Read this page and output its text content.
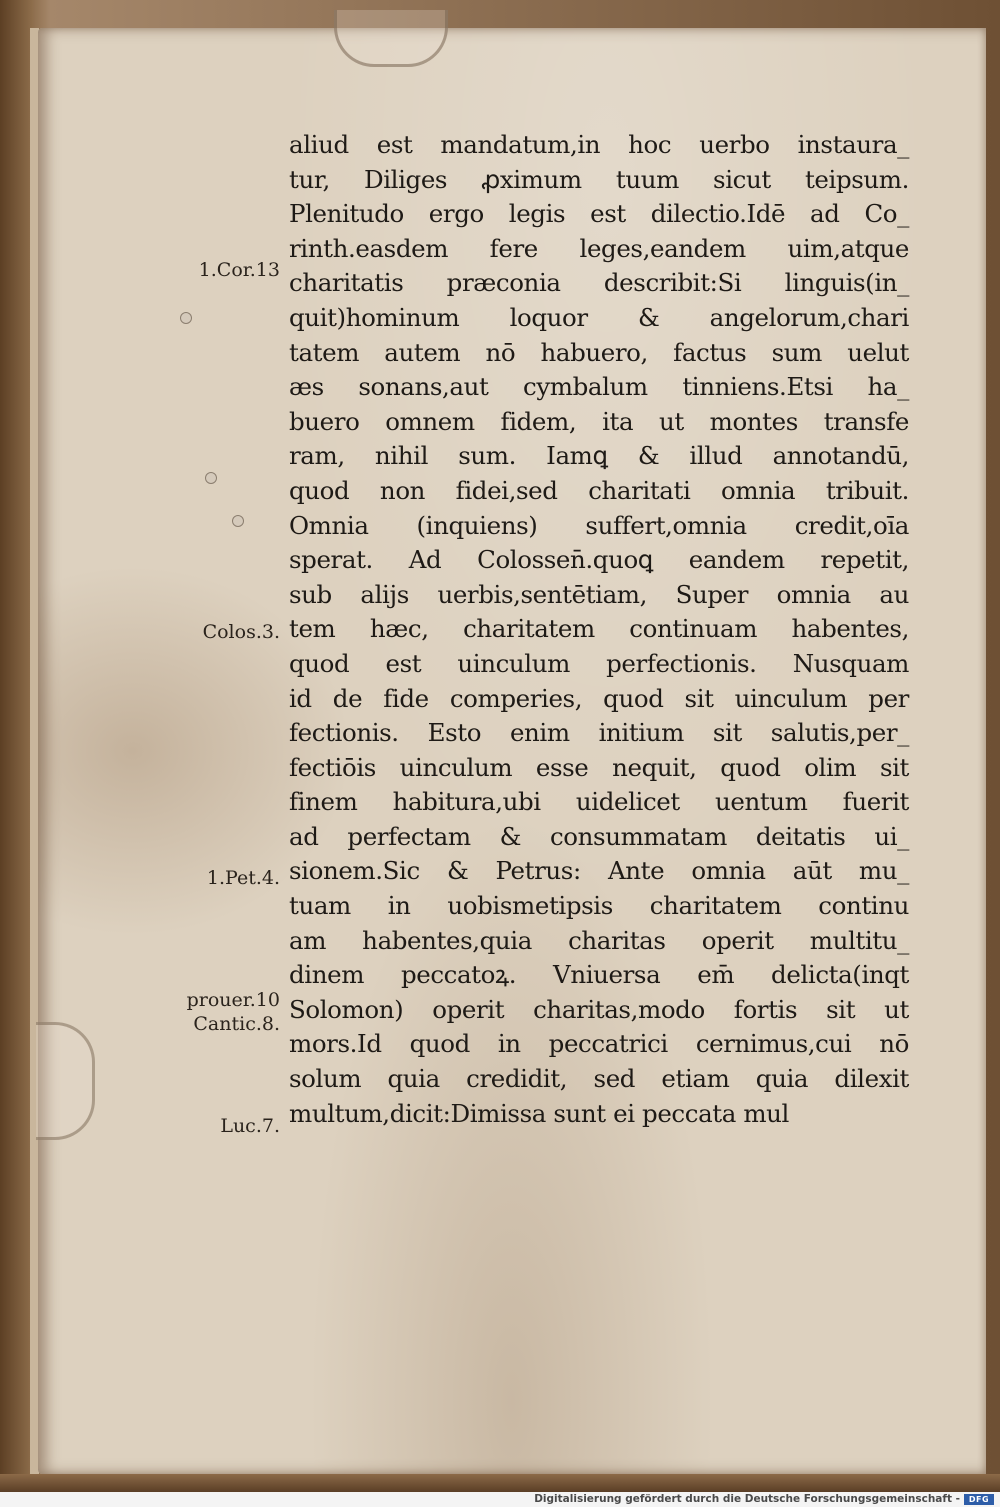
1.Cor.13
Colos.3.
1.Pet.4.
prouer.10
Cantic.8.
Luc.7.
aliud est mandatum,in hoc uerbo instaura_
tur, Diliges ꝓximum tuum sicut teipsum.
Plenitudo ergo legis est dilectio.Idē ad Co_
rinth.easdem fere leges,eandem uim,atque
charitatis præconia describit:Si linguis(in_
quit)hominum loquor & angelorum,chari
tatem autem nō habuero, factus sum uelut
æs sonans,aut cymbalum tinniens.Etsi ha_
buero omnem fidem, ita ut montes transfe
ram, nihil sum. Iamꝗ & illud annotandū,
quod non fidei,sed charitati omnia tribuit.
Omnia (inquiens) suffert,omnia credit,oīa
sperat. Ad Colossen̄.quoꝗ eandem repetit,
sub alijs uerbis,sentētiam, Super omnia au
tem hæc, charitatem continuam habentes,
quod est uinculum perfectionis. Nusquam
id de fide comperies, quod sit uinculum per
fectionis. Esto enim initium sit salutis,per_
fectiōis uinculum esse nequit, quod olim sit
finem habitura,ubi uidelicet uentum fuerit
ad perfectam & consummatam deitatis ui_
sionem.Sic & Petrus: Ante omnia aūt mu_
tuam in uobismetipsis charitatem continu
am habentes,quia charitas operit multitu_
dinem peccatoꝝ. Vniuersa em̄ delicta(inqt
Solomon) operit charitas,modo fortis sit ut
mors.Id quod in peccatrici cernimus,cui nō
solum quia credidit, sed etiam quia dilexit
multum,dicit:Dimissa sunt ei peccata mul
Digitalisierung gefördert durch die Deutsche Forschungsgemeinschaft -	DFG
